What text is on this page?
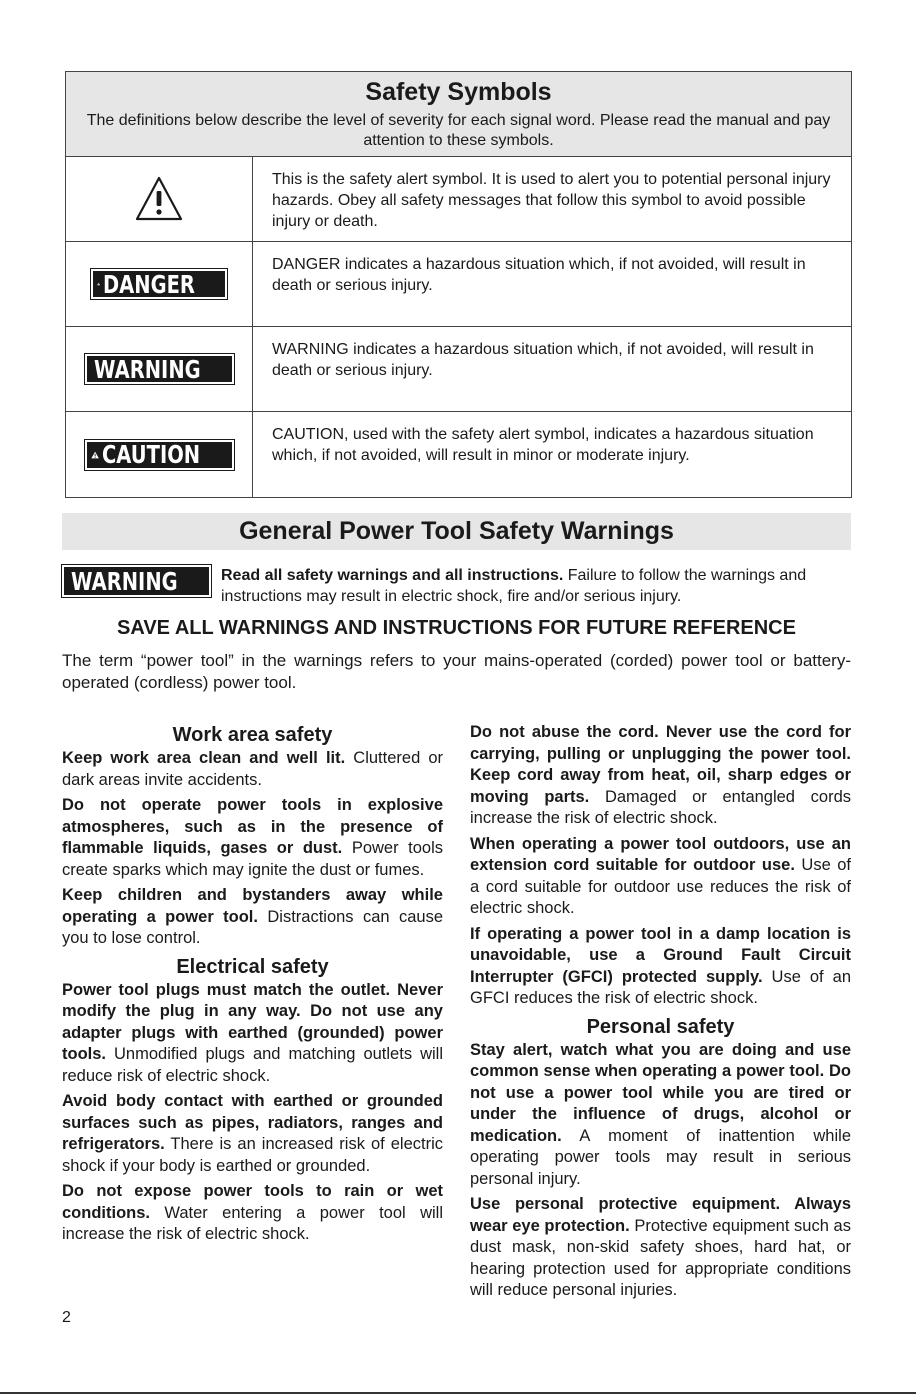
Safety Symbols
The definitions below describe the level of severity for each signal word. Please read the manual and pay attention to these symbols.
This is the safety alert symbol. It is used to alert you to potential personal injury hazards. Obey all safety messages that follow this symbol to avoid possible injury or death.
DANGER
DANGER indicates a hazardous situation which, if not avoided, will result in death or serious injury.
WARNING
WARNING indicates a hazardous situation which, if not avoided, will result in death or serious injury.
CAUTION
CAUTION, used with the safety alert symbol, indicates a hazardous situation which, if not avoided, will result in minor or moderate injury.
General Power Tool Safety Warnings
WARNING	Read all safety warnings and all instructions. Failure to follow the warnings and instructions may result in electric shock, fire and/or serious injury.
SAVE ALL WARNINGS AND INSTRUCTIONS FOR FUTURE REFERENCE
The term “power tool” in the warnings refers to your mains-operated (corded) power tool or battery-operated (cordless) power tool.
Work area safety

Keep work area clean and well lit. Cluttered or dark areas invite accidents.

Do not operate power tools in explosive atmospheres, such as in the presence of flammable liquids, gases or dust. Power tools create sparks which may ignite the dust or fumes.

Keep children and bystanders away while operating a power tool. Distractions can cause you to lose control.

Electrical safety

Power tool plugs must match the outlet. Never modify the plug in any way. Do not use any adapter plugs with earthed (grounded) power tools. Unmodified plugs and matching outlets will reduce risk of electric shock.

Avoid body contact with earthed or grounded surfaces such as pipes, radiators, ranges and refrigerators. There is an increased risk of electric shock if your body is earthed or grounded.

Do not expose power tools to rain or wet conditions. Water entering a power tool will increase the risk of electric shock.

Do not abuse the cord. Never use the cord for carrying, pulling or unplugging the power tool. Keep cord away from heat, oil, sharp edges or moving parts. Damaged or entangled cords increase the risk of electric shock.

When operating a power tool outdoors, use an extension cord suitable for outdoor use. Use of a cord suitable for outdoor use reduces the risk of electric shock.

If operating a power tool in a damp location is unavoidable, use a Ground Fault Circuit Interrupter (GFCI) protected supply. Use of an GFCI reduces the risk of electric shock.

Personal safety

Stay alert, watch what you are doing and use common sense when operating a power tool. Do not use a power tool while you are tired or under the influence of drugs, alcohol or medication. A moment of inattention while operating power tools may result in serious personal injury.

Use personal protective equipment. Always wear eye protection. Protective equipment such as dust mask, non-skid safety shoes, hard hat, or hearing protection used for appropriate conditions will reduce personal injuries.

2
